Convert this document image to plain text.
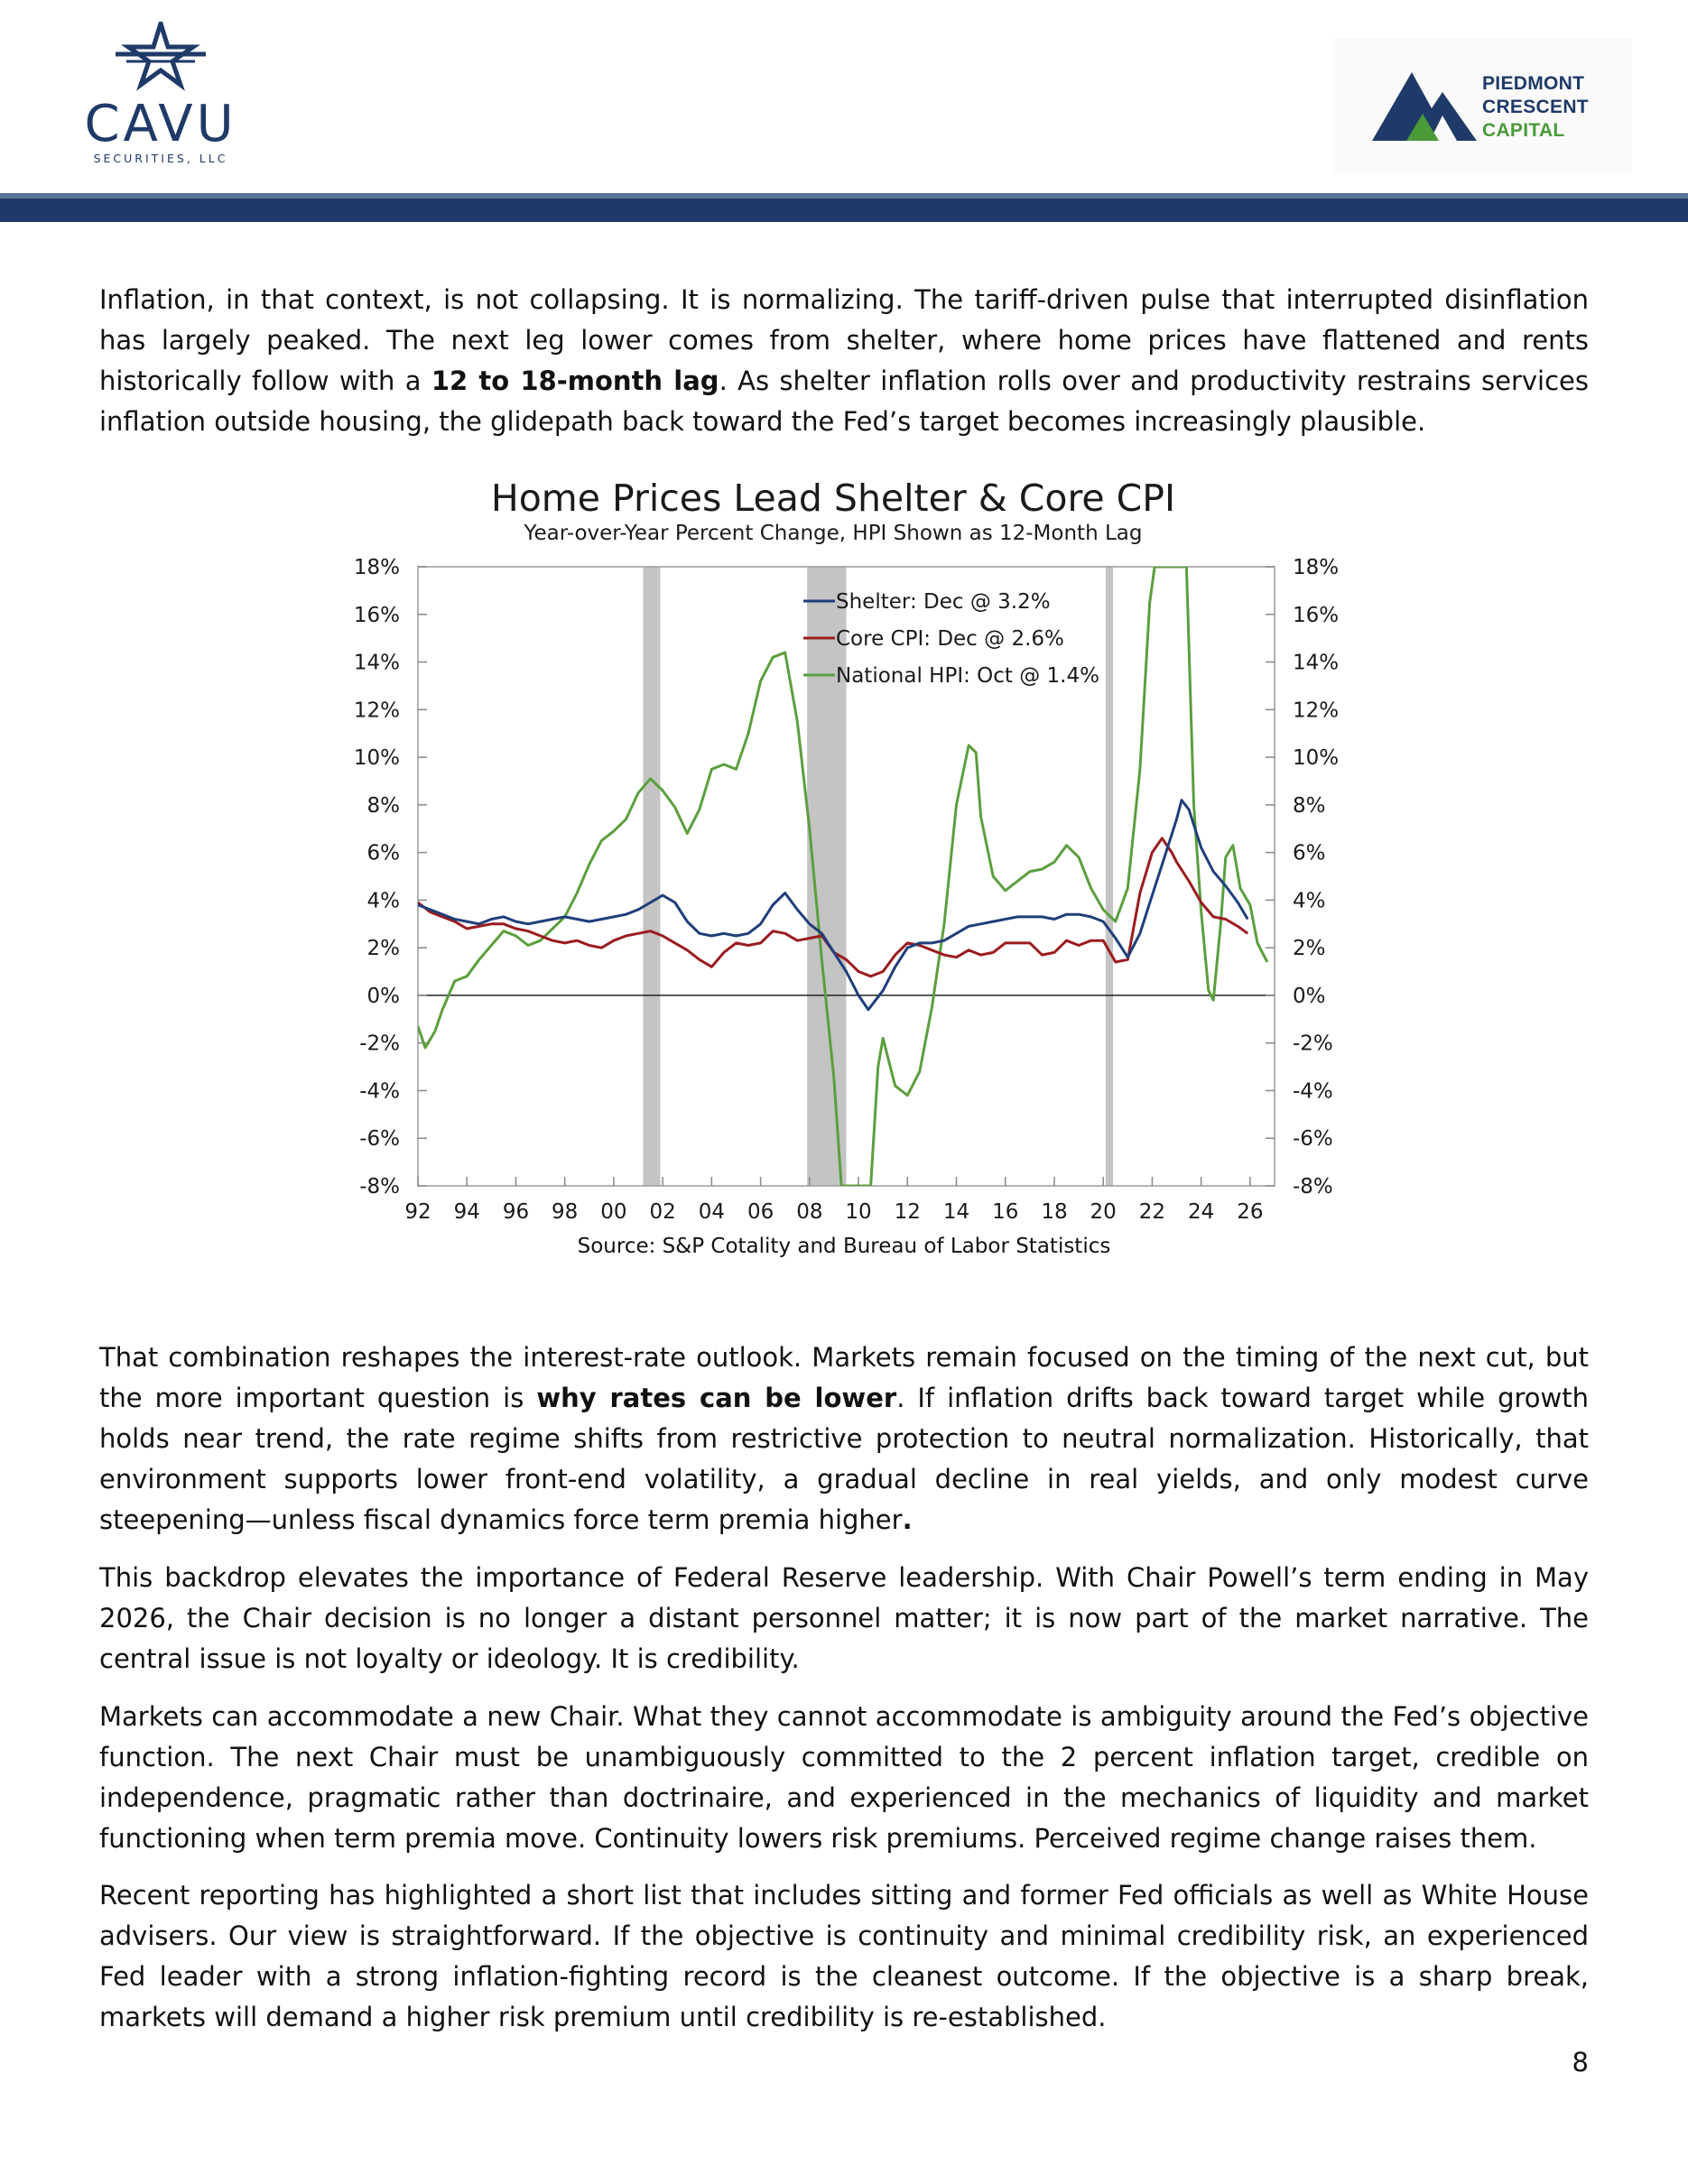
CAVU
SECURITIES, LLC
PIEDMONT
CRESCENT
CAPITAL

Inflation, in that context, is not collapsing. It is normalizing. The tariff-driven pulse that interrupted disinflation has largely peaked. The next leg lower comes from shelter, where home prices have flattened and rents historically follow with a 12 to 18-month lag. As shelter inflation rolls over and productivity restrains services inflation outside housing, the glidepath back toward the Fed’s target becomes increasingly plausible.

Home Prices Lead Shelter & Core CPI
Year-over-Year Percent Change, HPI Shown as 12-Month Lag
18%	18%
16%	16%
14%	14%
12%	12%
10%	10%
8%	8%
6%	6%
4%	4%
2%	2%
0%	0%
-2%	-2%
-4%	-4%
-6%	-6%
-8%	-8%
92 94 96 98 00 02 04 06 08 10 12 14 16 18 20 22 24 26
Shelter: Dec @ 3.2%
Core CPI: Dec @ 2.6%
National HPI: Oct @ 1.4%
Source: S&P Cotality and Bureau of Labor Statistics

That combination reshapes the interest-rate outlook. Markets remain focused on the timing of the next cut, but the more important question is why rates can be lower. If inflation drifts back toward target while growth holds near trend, the rate regime shifts from restrictive protection to neutral normalization. Historically, that environment supports lower front-end volatility, a gradual decline in real yields, and only modest curve steepening—unless fiscal dynamics force term premia higher.

This backdrop elevates the importance of Federal Reserve leadership. With Chair Powell’s term ending in May 2026, the Chair decision is no longer a distant personnel matter; it is now part of the market narrative. The central issue is not loyalty or ideology. It is credibility.

Markets can accommodate a new Chair. What they cannot accommodate is ambiguity around the Fed’s objective function. The next Chair must be unambiguously committed to the 2 percent inflation target, credible on independence, pragmatic rather than doctrinaire, and experienced in the mechanics of liquidity and market functioning when term premia move. Continuity lowers risk premiums. Perceived regime change raises them.

Recent reporting has highlighted a short list that includes sitting and former Fed officials as well as White House advisers. Our view is straightforward. If the objective is continuity and minimal credibility risk, an experienced Fed leader with a strong inflation-fighting record is the cleanest outcome. If the objective is a sharp break, markets will demand a higher risk premium until credibility is re-established.

8
